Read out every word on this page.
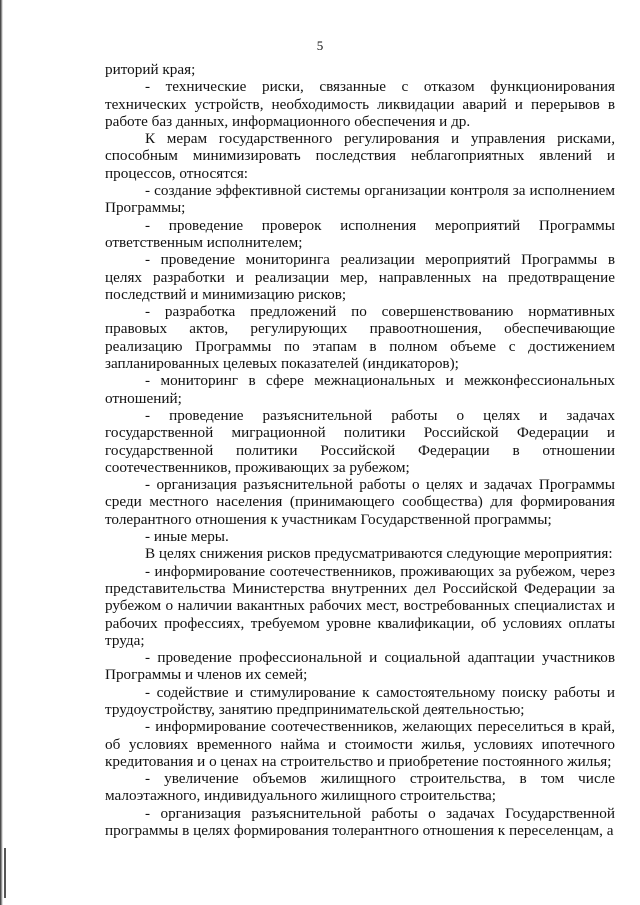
5

риторий края;

- технические риски, связанные с отказом функционирования технических устройств, необходимость ликвидации аварий и перерывов в работе баз данных, информационного обеспечения и др.

К мерам государственного регулирования и управления рисками, способным минимизировать последствия неблагоприятных явлений и процессов, относятся:

- создание эффективной системы организации контроля за исполнением Программы;

- проведение проверок исполнения мероприятий Программы ответственным исполнителем;

- проведение мониторинга реализации мероприятий Программы в целях разработки и реализации мер, направленных на предотвращение последствий и минимизацию рисков;

- разработка предложений по совершенствованию нормативных правовых актов, регулирующих правоотношения, обеспечивающие реализацию Программы по этапам в полном объеме с достижением запланированных целевых показателей (индикаторов);

- мониторинг в сфере межнациональных и межконфессиональных отношений;

- проведение разъяснительной работы о целях и задачах государственной миграционной политики Российской Федерации и государственной политики Российской Федерации в отношении соотечественников, проживающих за рубежом;

- организация разъяснительной работы о целях и задачах Программы среди местного населения (принимающего сообщества) для формирования толерантного отношения к участникам Государственной программы;

- иные меры.

В целях снижения рисков предусматриваются следующие мероприятия:

- информирование соотечественников, проживающих за рубежом, через представительства Министерства внутренних дел Российской Федерации за рубежом о наличии вакантных рабочих мест, востребованных специалистах и рабочих профессиях, требуемом уровне квалификации, об условиях оплаты труда;

- проведение профессиональной и социальной адаптации участников Программы и членов их семей;

- содействие и стимулирование к самостоятельному поиску работы и трудоустройству, занятию предпринимательской деятельностью;

- информирование соотечественников, желающих переселиться в край, об условиях временного найма и стоимости жилья, условиях ипотечного кредитования и о ценах на строительство и приобретение постоянного жилья;

- увеличение объемов жилищного строительства, в том числе малоэтажного, индивидуального жилищного строительства;

- организация разъяснительной работы о задачах Государственной программы в целях формирования толерантного отношения к переселенцам, а
